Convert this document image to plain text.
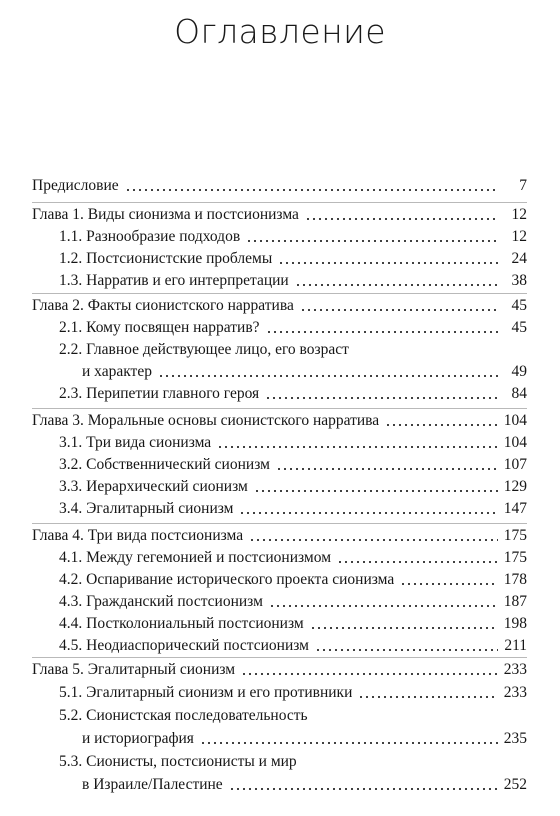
Оглавление
Предисловие	7
Глава 1. Виды сионизма и постсионизма	12
1.1. Разнообразие подходов	12
1.2. Постсионистские проблемы	24
1.3. Нарратив и его интерпретации	38
Глава 2. Факты сионистского нарратива	45
2.1. Кому посвящен нарратив?	45
2.2. Главное действующее лицо, его возраст
и характер	49
2.3. Перипетии главного героя	84
Глава 3. Моральные основы сионистского нарратива	104
3.1. Три вида сионизма	104
3.2. Собственнический сионизм	107
3.3. Иерархический сионизм	129
3.4. Эгалитарный сионизм	147
Глава 4. Три вида постсионизма	175
4.1. Между гегемонией и постсионизмом	175
4.2. Оспаривание исторического проекта сионизма	178
4.3. Гражданский постсионизм	187
4.4. Постколониальный постсионизм	198
4.5. Неодиаспорический постсионизм	211
Глава 5. Эгалитарный сионизм	233
5.1. Эгалитарный сионизм и его противники	233
5.2. Сионистская последовательность
и историография	235
5.3. Сионисты, постсионисты и мир
в Израиле/Палестине	252
